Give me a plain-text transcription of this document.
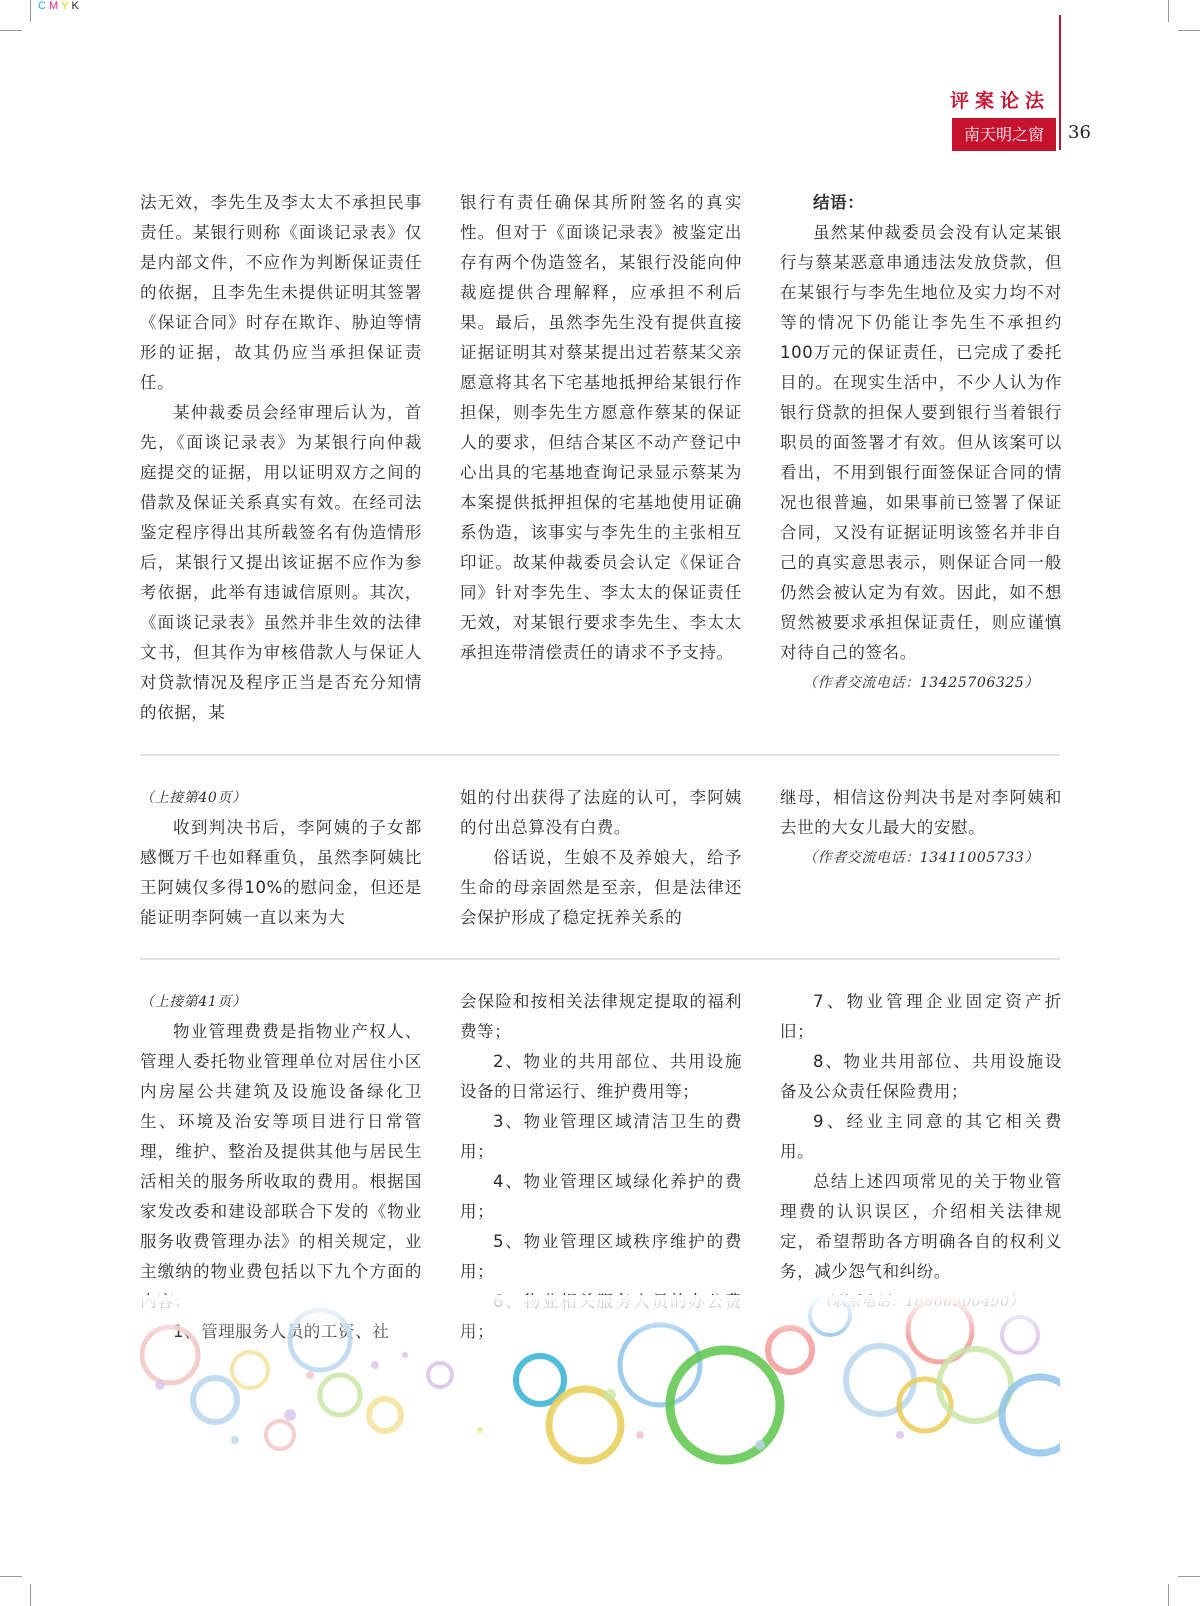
CMYK
评案论法
南天明之窗	36

法无效，李先生及李太太不承担民事责任。某银行则称《面谈记录表》仅是内部文件，不应作为判断保证责任的依据，且李先生未提供证明其签署《保证合同》时存在欺诈、胁迫等情形的证据，故其仍应当承担保证责任。

某仲裁委员会经审理后认为，首先，《面谈记录表》为某银行向仲裁庭提交的证据，用以证明双方之间的借款及保证关系真实有效。在经司法鉴定程序得出其所载签名有伪造情形后，某银行又提出该证据不应作为参考依据，此举有违诚信原则。其次，《面谈记录表》虽然并非生效的法律文书，但其作为审核借款人与保证人对贷款情况及程序正当是否充分知情的依据，某

银行有责任确保其所附签名的真实性。但对于《面谈记录表》被鉴定出存有两个伪造签名，某银行没能向仲裁庭提供合理解释，应承担不利后果。最后，虽然李先生没有提供直接证据证明其对蔡某提出过若蔡某父亲愿意将其名下宅基地抵押给某银行作担保，则李先生方愿意作蔡某的保证人的要求，但结合某区不动产登记中心出具的宅基地查询记录显示蔡某为本案提供抵押担保的宅基地使用证确系伪造，该事实与李先生的主张相互印证。故某仲裁委员会认定《保证合同》针对李先生、李太太的保证责任无效，对某银行要求李先生、李太太承担连带清偿责任的请求不予支持。

结语：

虽然某仲裁委员会没有认定某银行与蔡某恶意串通违法发放贷款，但在某银行与李先生地位及实力均不对等的情况下仍能让李先生不承担约100万元的保证责任，已完成了委托目的。在现实生活中，不少人认为作银行贷款的担保人要到银行当着银行职员的面签署才有效。但从该案可以看出，不用到银行面签保证合同的情况也很普遍，如果事前已签署了保证合同，又没有证据证明该签名并非自己的真实意思表示，则保证合同一般仍然会被认定为有效。因此，如不想贸然被要求承担保证责任，则应谨慎对待自己的签名。

（作者交流电话：13425706325）

（上接第40页）

收到判决书后，李阿姨的子女都感慨万千也如释重负，虽然李阿姨比王阿姨仅多得10%的慰问金，但还是能证明李阿姨一直以来为大

姐的付出获得了法庭的认可，李阿姨的付出总算没有白费。

俗话说，生娘不及养娘大，给予生命的母亲固然是至亲，但是法律还会保护形成了稳定抚养关系的

继母，相信这份判决书是对李阿姨和去世的大女儿最大的安慰。

（作者交流电话：13411005733）

（上接第41页）

物业管理费费是指物业产权人、管理人委托物业管理单位对居住小区内房屋公共建筑及设施设备绿化卫生、环境及治安等项目进行日常管理，维护、整治及提供其他与居民生活相关的服务所收取的费用。根据国家发改委和建设部联合下发的《物业服务收费管理办法》的相关规定，业主缴纳的物业费包括以下九个方面的

会保险和按相关法律规定提取的福利费等；

2、物业的共用部位、共用设施设备的日常运行、维护费用等；

3、物业管理区域清洁卫生的费用；

4、物业管理区域绿化养护的费用；

5、物业管理区域秩序维护的费用；

7、物业管理企业固定资产折旧；

8、物业共用部位、共用设施设备及公众责任保险费用；

9、经业主同意的其它相关费用。

总结上述四项常见的关于物业管理费的认识误区，介绍相关法律规定，希望帮助各方明确各自的权利义务，减少怨气和纠纷。
